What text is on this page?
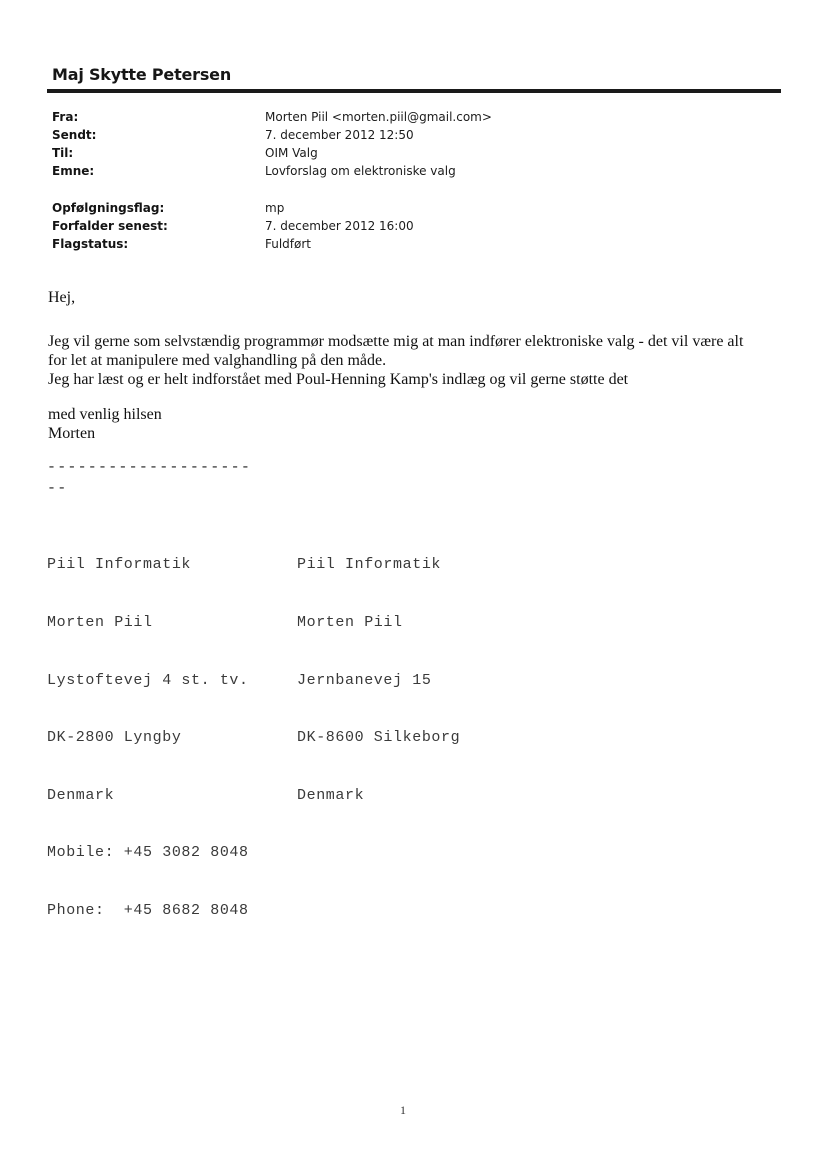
Maj Skytte Petersen
Fra:
Sendt:
Til:
Emne:
Morten Piil <morten.piil@gmail.com>
7. december 2012 12:50
OIM Valg
Lovforslag om elektroniske valg
Opfølgningsflag:
Forfalder senest:
Flagstatus:
mp
7. december 2012 16:00
Fuldført
Hej,
Jeg vil gerne som selvstændig programmør modsætte mig at man indfører elektroniske valg - det vil være alt
for let at manipulere med valghandling på den måde.
Jeg har læst og er helt indforstået med Poul-Henning Kamp's indlæg og vil gerne støtte det
med venlig hilsen
Morten
--------------------
--

Piil Informatik

Morten Piil

Lystoftevej 4 st. tv.

DK-2800 Lyngby

Denmark

Mobile: +45 3082 8048

Phone:  +45 8682 8048

Piil Informatik

Morten Piil

Jernbanevej 15

DK-8600 Silkeborg

Denmark

1
